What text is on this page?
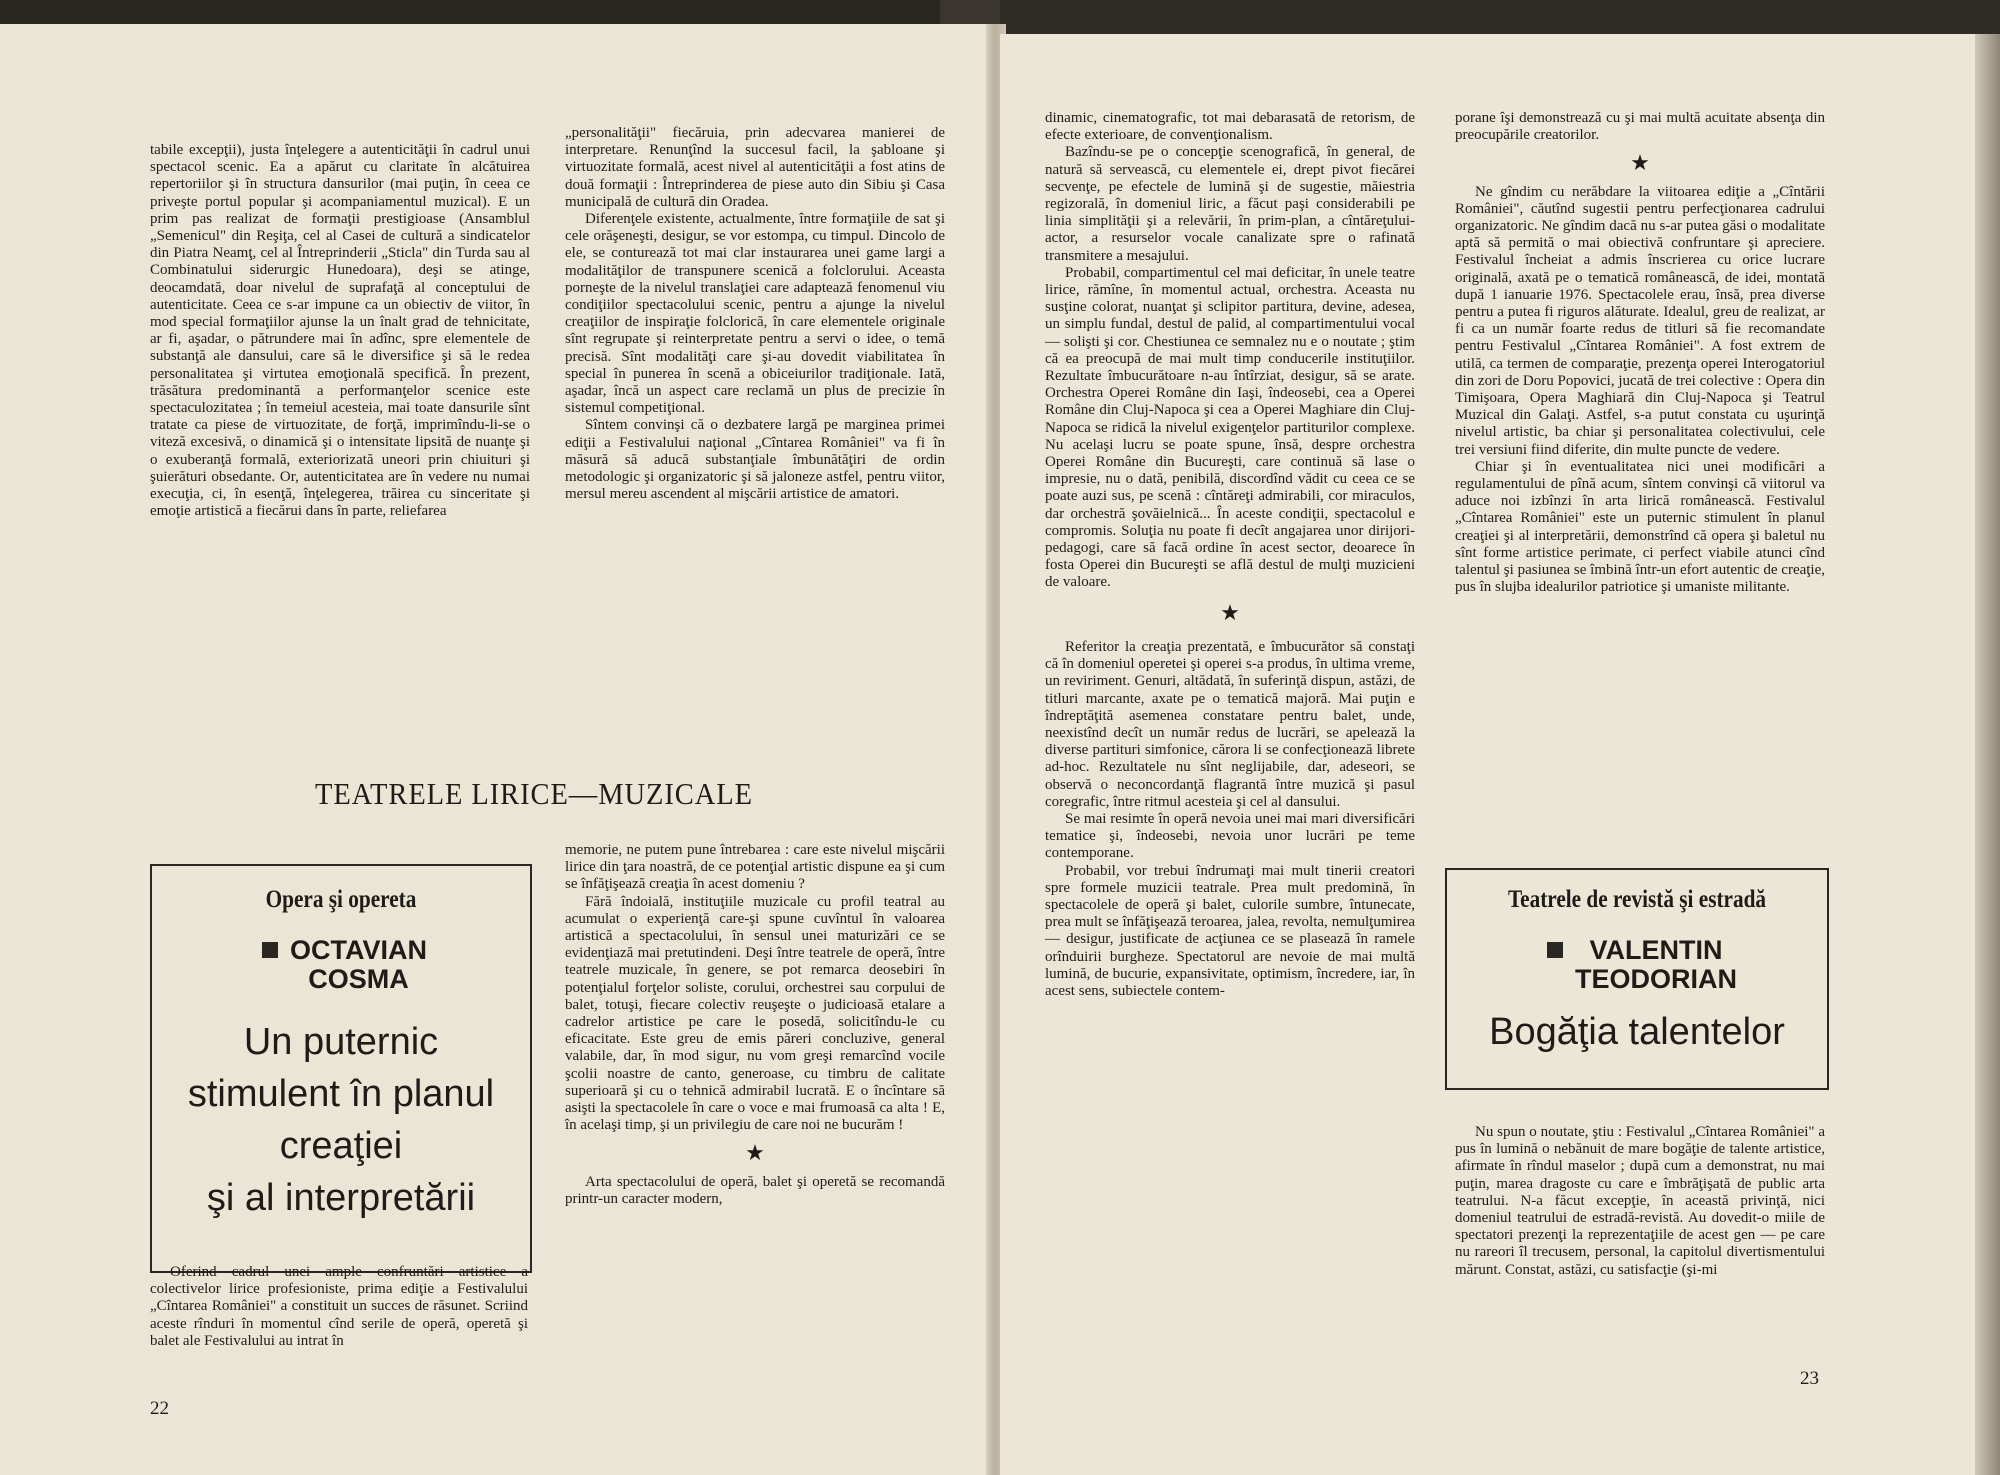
tabile excepţii), justa înţelegere a autenticităţii în cadrul unui spectacol scenic. Ea a apărut cu claritate în alcătuirea repertoriilor şi în structura dansurilor (mai puţin, în ceea ce priveşte portul popular şi acompaniamentul muzical). E un prim pas realizat de formaţii prestigioase (Ansamblul „Semenicul" din Reşiţa, cel al Casei de cultură a sindicatelor din Piatra Neamţ, cel al Întreprinderii „Sticla" din Turda sau al Combinatului siderurgic Hunedoara), deşi se atinge, deocamdată, doar nivelul de suprafaţă al conceptului de autenticitate. Ceea ce s-ar impune ca un obiectiv de viitor, în mod special formaţiilor ajunse la un înalt grad de tehnicitate, ar fi, aşadar, o pătrundere mai în adînc, spre elementele de substanţă ale dansului, care să le diversifice şi să le redea personalitatea şi virtutea emoţională specifică. În prezent, trăsătura predominantă a performanţelor scenice este spectaculozitatea ; în temeiul acesteia, mai toate dansurile sînt tratate ca piese de virtuozitate, de forţă, imprimîndu-li-se o viteză excesivă, o dinamică şi o intensitate lipsită de nuanţe şi o exuberanţă formală, exteriorizată uneori prin chiuituri şi şuierături obsedante. Or, autenticitatea are în vedere nu numai execuţia, ci, în esenţă, înţelegerea, trăirea cu sinceritate şi emoţie artistică a fiecărui dans în parte, reliefarea

„personalităţii" fiecăruia, prin adecvarea manierei de interpretare. Renunţînd la succesul facil, la şabloane şi virtuozitate formală, acest nivel al autenticităţii a fost atins de două formaţii : Întreprinderea de piese auto din Sibiu şi Casa municipală de cultură din Oradea.

Diferenţele existente, actualmente, între formaţiile de sat şi cele orăşeneşti, desigur, se vor estompa, cu timpul. Dincolo de ele, se conturează tot mai clar instaurarea unei game largi a modalităţilor de transpunere scenică a folclorului. Aceasta porneşte de la nivelul translaţiei care adaptează fenomenul viu condiţiilor spectacolului scenic, pentru a ajunge la nivelul creaţiilor de inspiraţie folclorică, în care elementele originale sînt regrupate şi reinterpretate pentru a servi o idee, o temă precisă. Sînt modalităţi care şi-au dovedit viabilitatea în special în punerea în scenă a obiceiurilor tradiţionale. Iată, aşadar, încă un aspect care reclamă un plus de precizie în sistemul competiţional.

Sîntem convinşi că o dezbatere largă pe marginea primei ediţii a Festivalului naţional „Cîntarea României" va fi în măsură să aducă substanţiale îmbunătăţiri de ordin metodologic şi organizatoric şi să jaloneze astfel, pentru viitor, mersul mereu ascendent al mişcării artistice de amatori.

TEATRELE LIRICE—MUZICALE
Opera şi opereta
OCTAVIAN
COSMA
Un puternic
stimulent în planul
creaţiei
şi al interpretării

Oferind cadrul unei ample confruntări artistice a colectivelor lirice profesioniste, prima ediţie a Festivalului „Cîntarea României" a constituit un succes de răsunet. Scriind aceste rînduri în momentul cînd serile de operă, operetă şi balet ale Festivalului au intrat în

memorie, ne putem pune întrebarea : care este nivelul mişcării lirice din ţara noastră, de ce potenţial artistic dispune ea şi cum se înfăţişează creaţia în acest domeniu ?

Fără îndoială, instituţiile muzicale cu profil teatral au acumulat o experienţă care-şi spune cuvîntul în valoarea artistică a spectacolului, în sensul unei maturizări ce se evidenţiază mai pretutindeni. Deşi între teatrele de operă, între teatrele muzicale, în genere, se pot remarca deosebiri în potenţialul forţelor soliste, corului, orchestrei sau corpului de balet, totuşi, fiecare colectiv reuşeşte o judicioasă etalare a cadrelor artistice pe care le posedă, solicitîndu-le cu eficacitate. Este greu de emis păreri concluzive, general valabile, dar, în mod sigur, nu vom greşi remarcînd vocile şcolii noastre de canto, generoase, cu timbru de calitate superioară şi cu o tehnică admirabil lucrată. E o încîntare să asişti la spectacolele în care o voce e mai frumoasă ca alta ! E, în acelaşi timp, şi un privilegiu de care noi ne bucurăm !

★

Arta spectacolului de operă, balet şi operetă se recomandă printr-un caracter modern,

22

dinamic, cinematografic, tot mai debarasată de retorism, de efecte exterioare, de convenţionalism.

Bazîndu-se pe o concepţie scenografică, în general, de natură să servească, cu elementele ei, drept pivot fiecărei secvenţe, pe efectele de lumină şi de sugestie, măiestria regizorală, în domeniul liric, a făcut paşi considerabili pe linia simplităţii şi a relevării, în prim-plan, a cîntăreţului-actor, a resurselor vocale canalizate spre o rafinată transmitere a mesajului.

Probabil, compartimentul cel mai deficitar, în unele teatre lirice, rămîne, în momentul actual, orchestra. Aceasta nu susţine colorat, nuanţat şi sclipitor partitura, devine, adesea, un simplu fundal, destul de palid, al compartimentului vocal — solişti şi cor. Chestiunea ce semnalez nu e o noutate ; ştim că ea preocupă de mai mult timp conducerile instituţiilor. Rezultate îmbucurătoare n-au întîrziat, desigur, să se arate. Orchestra Operei Române din Iaşi, îndeosebi, cea a Operei Române din Cluj-Napoca şi cea a Operei Maghiare din Cluj-Napoca se ridică la nivelul exigenţelor partiturilor complexe. Nu acelaşi lucru se poate spune, însă, despre orchestra Operei Române din Bucureşti, care continuă să lase o impresie, nu o dată, penibilă, discordînd vădit cu ceea ce se poate auzi sus, pe scenă : cîntăreţi admirabili, cor miraculos, dar orchestră şovăielnică... În aceste condiţii, spectacolul e compromis. Soluţia nu poate fi decît angajarea unor dirijori-pedagogi, care să facă ordine în acest sector, deoarece în fosta Operei din Bucureşti se află destul de mulţi muzicieni de valoare.

★

Referitor la creaţia prezentată, e îmbucurător să constaţi că în domeniul operetei şi operei s-a produs, în ultima vreme, un reviriment. Genuri, altădată, în suferinţă dispun, astăzi, de titluri marcante, axate pe o tematică majoră. Mai puţin e îndreptăţită asemenea constatare pentru balet, unde, neexistînd decît un număr redus de lucrări, se apelează la diverse partituri simfonice, cărora li se confecţionează librete ad-hoc. Rezultatele nu sînt neglijabile, dar, adeseori, se observă o neconcordanţă flagrantă între muzică şi pasul coregrafic, între ritmul acesteia şi cel al dansului.

Se mai resimte în operă nevoia unei mai mari diversificări tematice şi, îndeosebi, nevoia unor lucrări pe teme contemporane.

Probabil, vor trebui îndrumaţi mai mult tinerii creatori spre formele muzicii teatrale. Prea mult predomină, în spectacolele de operă şi balet, culorile sumbre, întunecate, prea mult se înfăţişează teroarea, jalea, revolta, nemulţumirea — desigur, justificate de acţiunea ce se plasează în ramele orînduirii burgheze. Spectatorul are nevoie de mai multă lumină, de bucurie, expansivitate, optimism, încredere, iar, în acest sens, subiectele contem-

porane îşi demonstrează cu şi mai multă acuitate absenţa din preocupările creatorilor.

★

Ne gîndim cu nerăbdare la viitoarea ediţie a „Cîntării României", căutînd sugestii pentru perfecţionarea cadrului organizatoric. Ne gîndim dacă nu s-ar putea găsi o modalitate aptă să permită o mai obiectivă confruntare şi apreciere. Festivalul încheiat a admis înscrierea cu orice lucrare originală, axată pe o tematică românească, de idei, montată după 1 ianuarie 1976. Spectacolele erau, însă, prea diverse pentru a putea fi riguros alăturate. Idealul, greu de realizat, ar fi ca un număr foarte redus de titluri să fie recomandate pentru Festivalul „Cîntarea României". A fost extrem de utilă, ca termen de comparaţie, prezenţa operei Interogatoriul din zori de Doru Popovici, jucată de trei colective : Opera din Timişoara, Opera Maghiară din Cluj-Napoca şi Teatrul Muzical din Galaţi. Astfel, s-a putut constata cu uşurinţă nivelul artistic, ba chiar şi personalitatea colectivului, cele trei versiuni fiind diferite, din multe puncte de vedere.

Chiar şi în eventualitatea nici unei modificări a regulamentului de pînă acum, sîntem convinşi că viitorul va aduce noi izbînzi în arta lirică românească. Festivalul „Cîntarea României" este un puternic stimulent în planul creaţiei şi al interpretării, demonstrînd că opera şi baletul nu sînt forme artistice perimate, ci perfect viabile atunci cînd talentul şi pasiunea se îmbină într-un efort autentic de creaţie, pus în slujba idealurilor patriotice şi umaniste militante.

Teatrele de revistă şi estradă
VALENTIN
TEODORIAN
Bogăţia talentelor

Nu spun o noutate, ştiu : Festivalul „Cîntarea României" a pus în lumină o nebănuit de mare bogăţie de talente artistice, afirmate în rîndul maselor ; după cum a demonstrat, nu mai puţin, marea dragoste cu care e îmbrăţişată de public arta teatrului. N-a făcut excepţie, în această privinţă, nici domeniul teatrului de estradă-revistă. Au dovedit-o miile de spectatori prezenţi la reprezentaţiile de acest gen — pe care nu rareori îl trecusem, personal, la capitolul divertismentului mărunt. Constat, astăzi, cu satisfacţie (şi-mi

23
